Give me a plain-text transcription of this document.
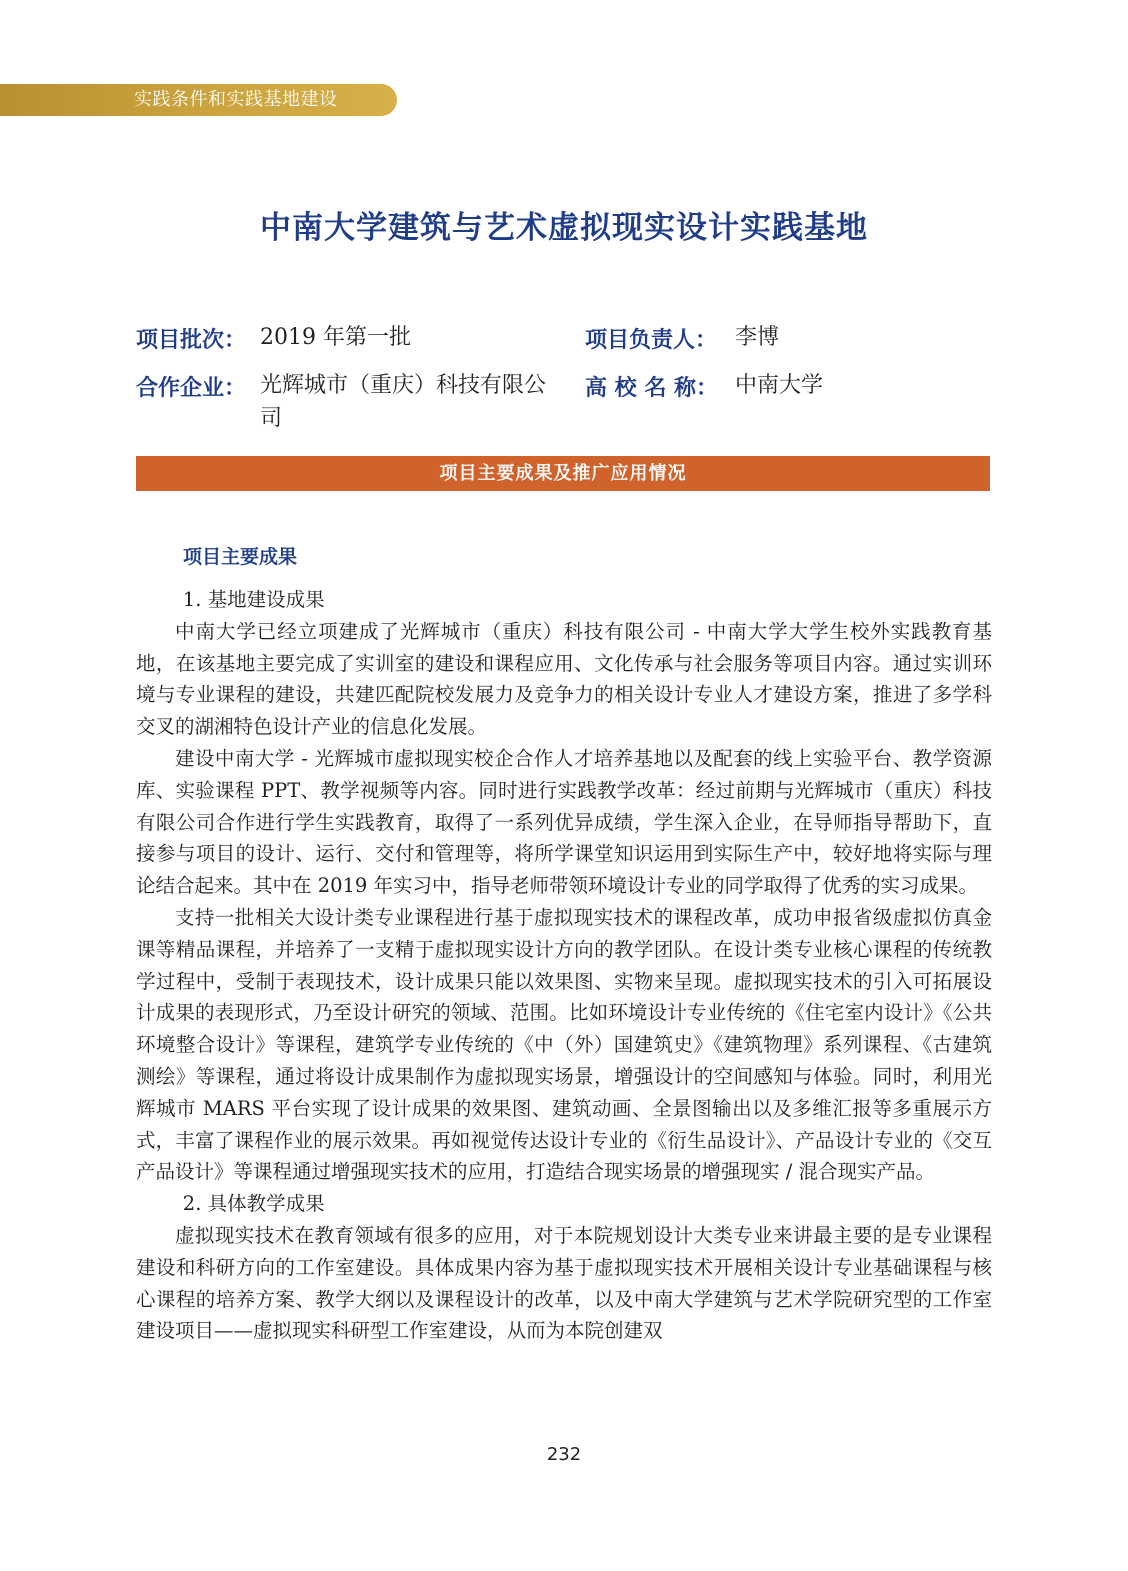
实践条件和实践基地建设
中南大学建筑与艺术虚拟现实设计实践基地
项目批次： 2019 年第一批	项目负责人： 李博
合作企业： 光辉城市（重庆）科技有限公司
高 校 名 称： 中南大学
项目主要成果及推广应用情况
项目主要成果

1. 基地建设成果

中南大学已经立项建成了光辉城市（重庆）科技有限公司 - 中南大学大学生校外实践教育基地，在该基地主要完成了实训室的建设和课程应用、文化传承与社会服务等项目内容。通过实训环境与专业课程的建设，共建匹配院校发展力及竞争力的相关设计专业人才建设方案，推进了多学科交叉的湖湘特色设计产业的信息化发展。

建设中南大学 - 光辉城市虚拟现实校企合作人才培养基地以及配套的线上实验平台、教学资源库、实验课程 PPT、教学视频等内容。同时进行实践教学改革：经过前期与光辉城市（重庆）科技有限公司合作进行学生实践教育，取得了一系列优异成绩，学生深入企业，在导师指导帮助下，直接参与项目的设计、运行、交付和管理等，将所学课堂知识运用到实际生产中，较好地将实际与理论结合起来。其中在 2019 年实习中，指导老师带领环境设计专业的同学取得了优秀的实习成果。

支持一批相关大设计类专业课程进行基于虚拟现实技术的课程改革，成功申报省级虚拟仿真金课等精品课程，并培养了一支精于虚拟现实设计方向的教学团队。在设计类专业核心课程的传统教学过程中，受制于表现技术，设计成果只能以效果图、实物来呈现。虚拟现实技术的引入可拓展设计成果的表现形式，乃至设计研究的领域、范围。比如环境设计专业传统的《住宅室内设计》《公共环境整合设计》等课程，建筑学专业传统的《中（外）国建筑史》《建筑物理》系列课程、《古建筑测绘》等课程，通过将设计成果制作为虚拟现实场景，增强设计的空间感知与体验。同时，利用光辉城市 MARS 平台实现了设计成果的效果图、建筑动画、全景图输出以及多维汇报等多重展示方式，丰富了课程作业的展示效果。再如视觉传达设计专业的《衍生品设计》、产品设计专业的《交互产品设计》等课程通过增强现实技术的应用，打造结合现实场景的增强现实 / 混合现实产品。

2. 具体教学成果

虚拟现实技术在教育领域有很多的应用，对于本院规划设计大类专业来讲最主要的是专业课程建设和科研方向的工作室建设。具体成果内容为基于虚拟现实技术开展相关设计专业基础课程与核心课程的培养方案、教学大纲以及课程设计的改革，以及中南大学建筑与艺术学院研究型的工作室建设项目——虚拟现实科研型工作室建设，从而为本院创建双

232
